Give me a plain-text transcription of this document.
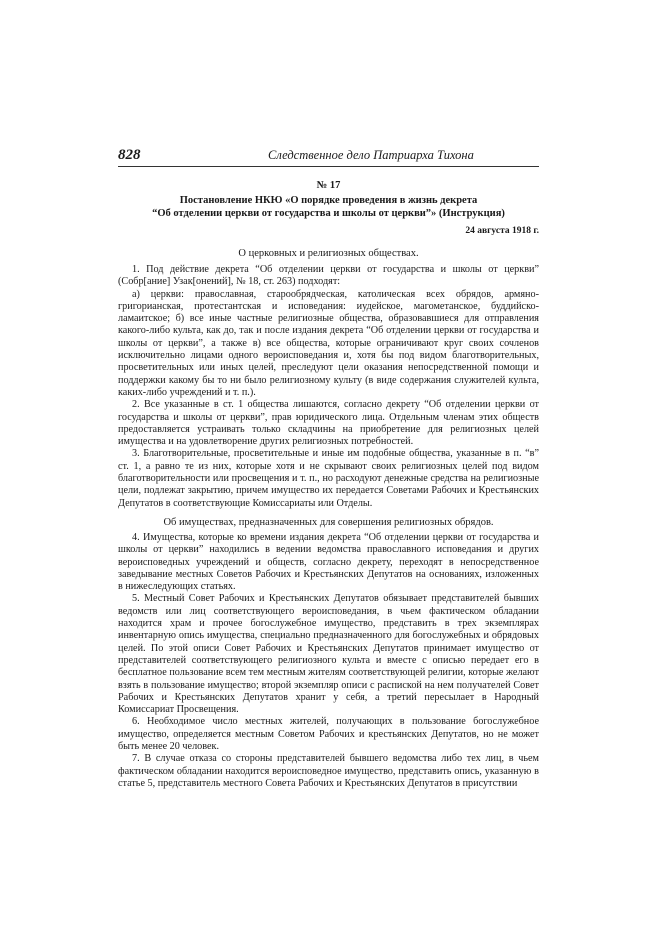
828	Следственное дело Патриарха Тихона
№ 17
Постановление НКЮ «О порядке проведения в жизнь декрета
“Об отделении церкви от государства и школы от церкви”» (Инструкция)
24 августа 1918 г.
О церковных и религиозных обществах.

1. Под действие декрета “Об отделении церкви от государства и школы от церкви” (Собр[ание] Узак[онений], № 18, ст. 263) подходят:

а) церкви: православная, старообрядческая, католическая всех обрядов, армяно-григорианская, протестантская и исповедания: иудейское, магометанское, буддийско-ламаитское; б) все иные частные религиозные общества, образовавшиеся для отправления какого-либо культа, как до, так и после издания декрета “Об отделении церкви от государства и школы от церкви”, а также в) все общества, которые ограничивают круг своих сочленов исключительно лицами одного вероисповедания и, хотя бы под видом благотворительных, просветительных или иных целей, преследуют цели оказания непосредственной помощи и поддержки какому бы то ни было религиозному культу (в виде содержания служителей культа, каких-либо учреждений и т. п.).

2. Все указанные в ст. 1 общества лишаются, согласно декрету “Об отделении церкви от государства и школы от церкви”, прав юридического лица. Отдельным членам этих обществ предоставляется устраивать только складчины на приобретение для религиозных целей имущества и на удовлетворение других религиозных потребностей.

3. Благотворительные, просветительные и иные им подобные общества, указанные в п. “в” ст. 1, а равно те из них, которые хотя и не скрывают своих религиозных целей под видом благотворительности или просвещения и т. п., но расходуют денежные средства на религиозные цели, подлежат закрытию, причем имущество их передается Советами Рабочих и Крестьянских Депутатов в соответствующие Комиссариаты или Отделы.

Об имуществах, предназначенных для совершения религиозных обрядов.

4. Имущества, которые ко времени издания декрета “Об отделении церкви от государства и школы от церкви” находились в ведении ведомства православного исповедания и других вероисповедных учреждений и обществ, согласно декрету, переходят в непосредственное заведывание местных Советов Рабочих и Крестьянских Депутатов на основаниях, изложенных в нижеследующих статьях.

5. Местный Совет Рабочих и Крестьянских Депутатов обязывает представителей бывших ведомств или лиц соответствующего вероисповедания, в чьем фактическом обладании находится храм и прочее богослужебное имущество, представить в трех экземплярах инвентарную опись имущества, специально предназначенного для богослужебных и обрядовых целей. По этой описи Совет Рабочих и Крестьянских Депутатов принимает имущество от представителей соответствующего религиозного культа и вместе с описью передает его в бесплатное пользование всем тем местным жителям соответствующей религии, которые желают взять в пользование имущество; второй экземпляр описи с распиской на нем получателей Совет Рабочих и Крестьянских Депутатов хранит у себя, а третий пересылает в Народный Комиссариат Просвещения.

6. Необходимое число местных жителей, получающих в пользование богослужебное имущество, определяется местным Советом Рабочих и крестьянских Депутатов, но не может быть менее 20 человек.

7. В случае отказа со стороны представителей бывшего ведомства либо тех лиц, в чьем фактическом обладании находится вероисповедное имущество, представить опись, указанную в статье 5, представитель местного Совета Рабочих и Крестьянских Депутатов в присутствии
